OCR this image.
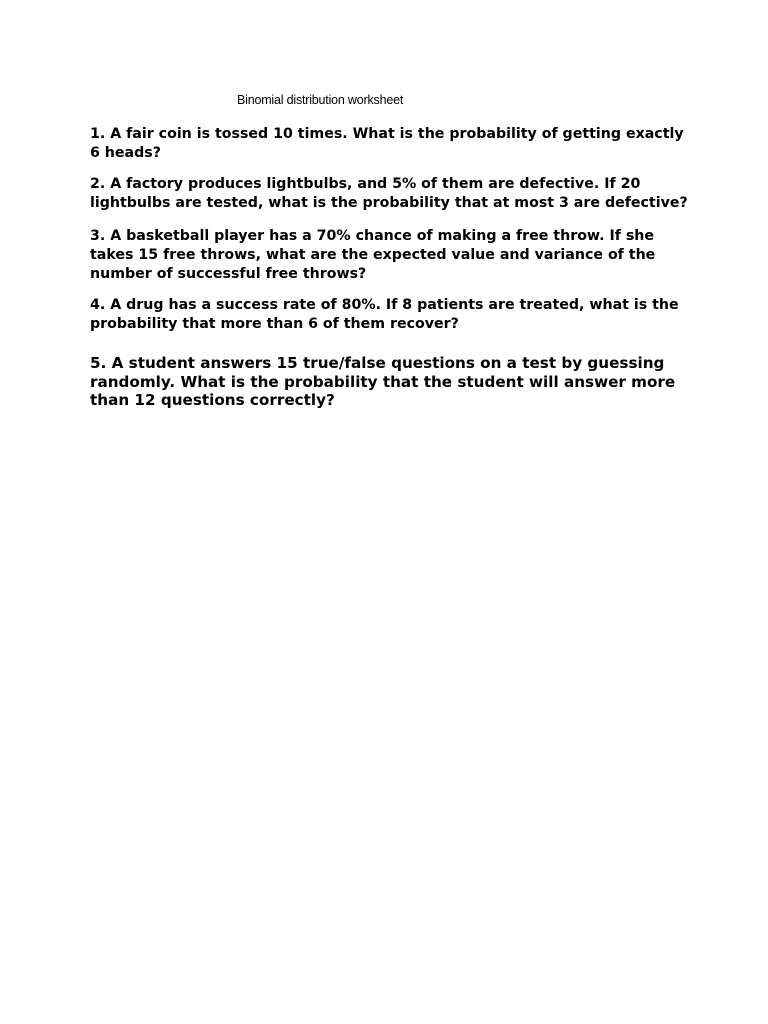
Binomial distribution worksheet

1. A fair coin is tossed 10 times. What is the probability of getting exactly
6 heads?

2. A factory produces lightbulbs, and 5% of them are defective. If 20
lightbulbs are tested, what is the probability that at most 3 are defective?

3. A basketball player has a 70% chance of making a free throw. If she
takes 15 free throws, what are the expected value and variance of the
number of successful free throws?

4. A drug has a success rate of 80%. If 8 patients are treated, what is the
probability that more than 6 of them recover?

5. A student answers 15 true/false questions on a test by guessing
randomly. What is the probability that the student will answer more
than 12 questions correctly?
